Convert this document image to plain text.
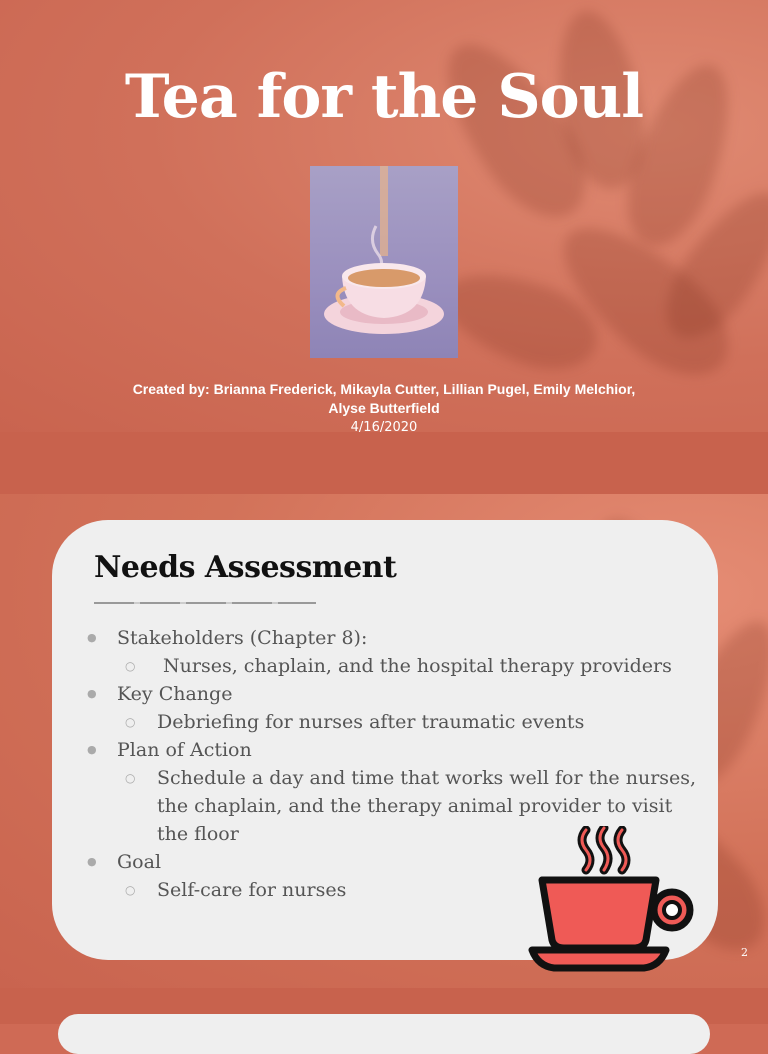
Tea for the Soul
Created by: Brianna Frederick, Mikayla Cutter, Lillian Pugel, Emily Melchior,
Alyse Butterfield
4/16/2020
Needs Assessment
● Stakeholders (Chapter 8):
○  Nurses, chaplain, and the hospital therapy providers
● Key Change
○ Debriefing for nurses after traumatic events
● Plan of Action
○ Schedule a day and time that works well for the nurses, the chaplain, and the therapy animal provider to visit the floor
● Goal
○ Self-care for nurses
2
